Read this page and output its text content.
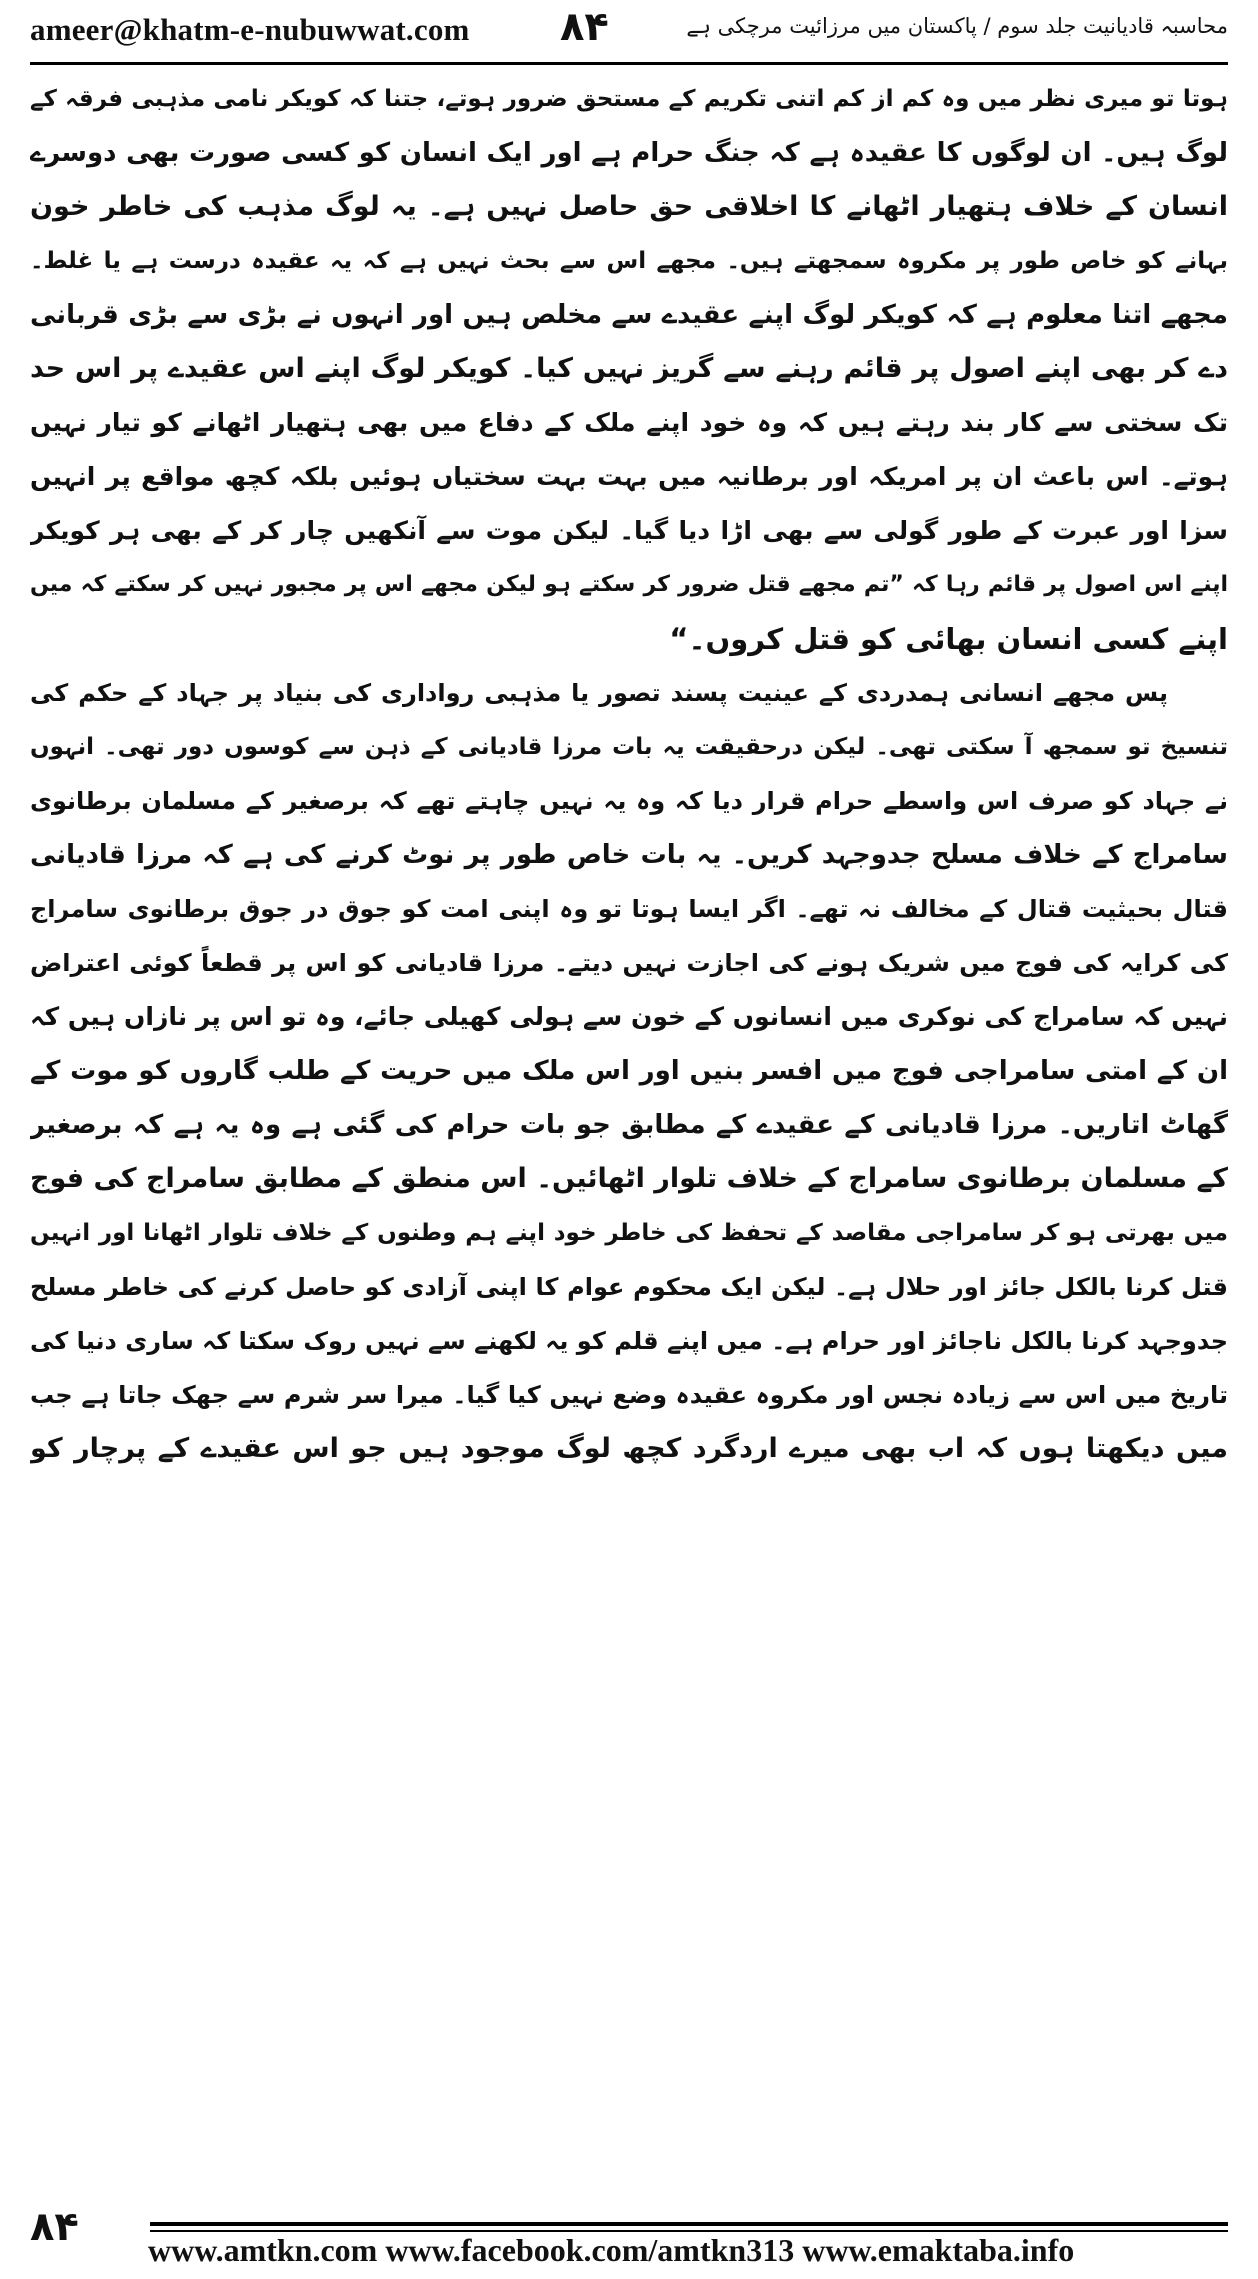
ameer@khatm-e-nubuwwat.com ۸۴	محاسبہ قادیانیت جلد سوم / پاکستان میں مرزائیت مرچکی ہے
ہوتا تو میری نظر میں وہ کم از کم اتنی تکریم کے مستحق ضرور ہوتے، جتنا کہ کویکر نامی مذہبی فرقہ کے
لوگ ہیں۔ ان لوگوں کا عقیدہ ہے کہ جنگ حرام ہے اور ایک انسان کو کسی صورت بھی دوسرے
انسان کے خلاف ہتھیار اٹھانے کا اخلاقی حق حاصل نہیں ہے۔ یہ لوگ مذہب کی خاطر خون
بہانے کو خاص طور پر مکروہ سمجھتے ہیں۔ مجھے اس سے بحث نہیں ہے کہ یہ عقیدہ درست ہے یا غلط۔
مجھے اتنا معلوم ہے کہ کویکر لوگ اپنے عقیدے سے مخلص ہیں اور انہوں نے بڑی سے بڑی قربانی
دے کر بھی اپنے اصول پر قائم رہنے سے گریز نہیں کیا۔ کویکر لوگ اپنے اس عقیدے پر اس حد
تک سختی سے کار بند رہتے ہیں کہ وہ خود اپنے ملک کے دفاع میں بھی ہتھیار اٹھانے کو تیار نہیں
ہوتے۔ اس باعث ان پر امریکہ اور برطانیہ میں بہت بہت سختیاں ہوئیں بلکہ کچھ مواقع پر انہیں
سزا اور عبرت کے طور گولی سے بھی اڑا دیا گیا۔ لیکن موت سے آنکھیں چار کر کے بھی ہر کویکر
اپنے اس اصول پر قائم رہا کہ ”تم مجھے قتل ضرور کر سکتے ہو لیکن مجھے اس پر مجبور نہیں کر سکتے کہ میں
اپنے کسی انسان بھائی کو قتل کروں۔“
پس مجھے انسانی ہمدردی کے عینیت پسند تصور یا مذہبی رواداری کی بنیاد پر جہاد کے حکم کی
تنسیخ تو سمجھ آ سکتی تھی۔ لیکن درحقیقت یہ بات مرزا قادیانی کے ذہن سے کوسوں دور تھی۔ انہوں
نے جہاد کو صرف اس واسطے حرام قرار دیا کہ وہ یہ نہیں چاہتے تھے کہ برصغیر کے مسلمان برطانوی
سامراج کے خلاف مسلح جدوجہد کریں۔ یہ بات خاص طور پر نوٹ کرنے کی ہے کہ مرزا قادیانی
قتال بحیثیت قتال کے مخالف نہ تھے۔ اگر ایسا ہوتا تو وہ اپنی امت کو جوق در جوق برطانوی سامراج
کی کرایہ کی فوج میں شریک ہونے کی اجازت نہیں دیتے۔ مرزا قادیانی کو اس پر قطعاً کوئی اعتراض
نہیں کہ سامراج کی نوکری میں انسانوں کے خون سے ہولی کھیلی جائے، وہ تو اس پر نازاں ہیں کہ
ان کے امتی سامراجی فوج میں افسر بنیں اور اس ملک میں حریت کے طلب گاروں کو موت کے
گھاٹ اتاریں۔ مرزا قادیانی کے عقیدے کے مطابق جو بات حرام کی گئی ہے وہ یہ ہے کہ برصغیر
کے مسلمان برطانوی سامراج کے خلاف تلوار اٹھائیں۔ اس منطق کے مطابق سامراج کی فوج
میں بھرتی ہو کر سامراجی مقاصد کے تحفظ کی خاطر خود اپنے ہم وطنوں کے خلاف تلوار اٹھانا اور انہیں
قتل کرنا بالکل جائز اور حلال ہے۔ لیکن ایک محکوم عوام کا اپنی آزادی کو حاصل کرنے کی خاطر مسلح
جدوجہد کرنا بالکل ناجائز اور حرام ہے۔ میں اپنے قلم کو یہ لکھنے سے نہیں روک سکتا کہ ساری دنیا کی
تاریخ میں اس سے زیادہ نجس اور مکروہ عقیدہ وضع نہیں کیا گیا۔ میرا سر شرم سے جھک جاتا ہے جب
میں دیکھتا ہوں کہ اب بھی میرے اردگرد کچھ لوگ موجود ہیں جو اس عقیدے کے پرچار کو
۸۴ www.amtkn.com www.facebook.com/amtkn313 www.emaktaba.info
